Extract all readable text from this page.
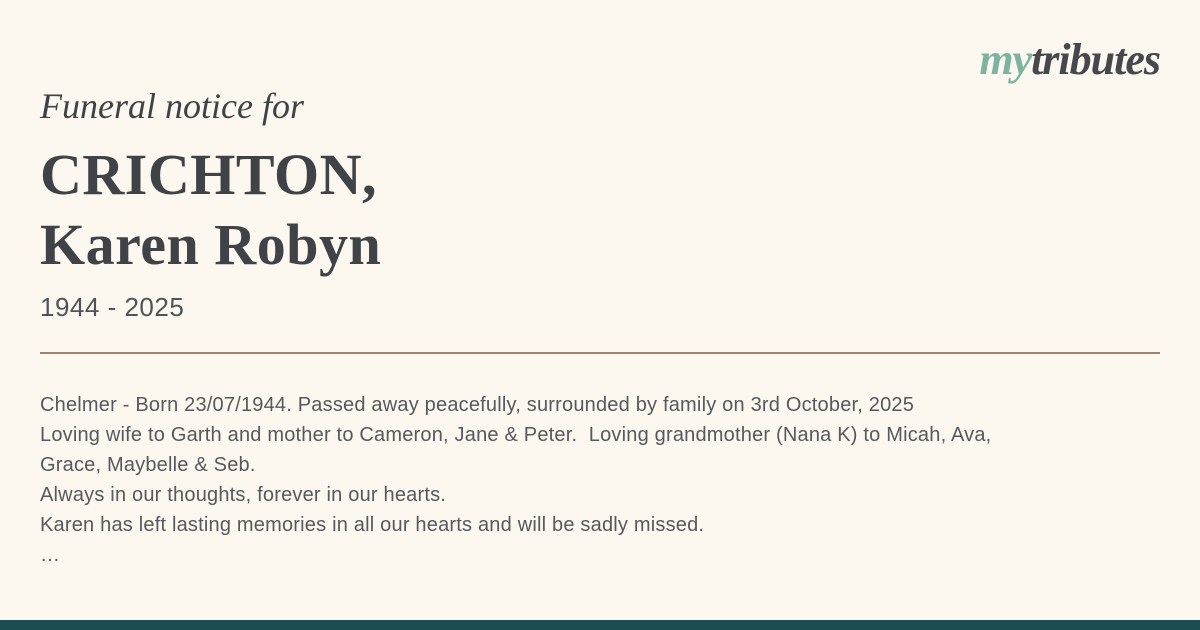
mytributes
Funeral notice for
CRICHTON,
Karen Robyn
1944 - 2025
Chelmer - Born 23/07/1944. Passed away peacefully, surrounded by family on 3rd October, 2025
Loving wife to Garth and mother to Cameron, Jane & Peter.  Loving grandmother (Nana K) to Micah, Ava,
Grace, Maybelle & Seb.
Always in our thoughts, forever in our hearts.
Karen has left lasting memories in all our hearts and will be sadly missed.
…
